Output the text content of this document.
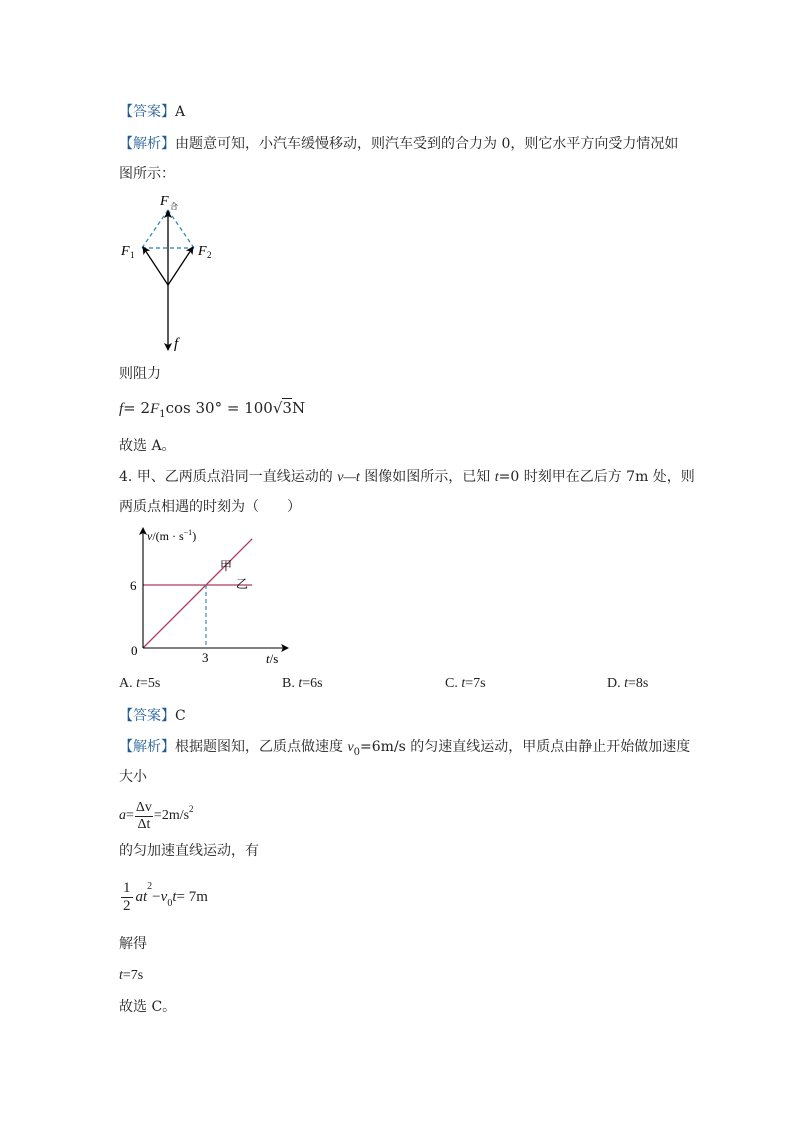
【答案】A
【解析】由题意可知，小汽车缓慢移动，则汽车受到的合力为 0，则它水平方向受力情况如
图所示：
F 合
F 1	F 2
f
则阻力
$f= 2F_1\cos$ 30° = 100√3N
故选 A。
4. 甲、乙两质点沿同一直线运动的 v—t 图像如图所示，已知 t=0 时刻甲在乙后方 7m 处，则
两质点相遇的时刻为（　　）
6
3
$v/(m \cdot s^{-1})$
t/s
0
甲
乙
A. t=5s	B. t=6s	C. t=7s	D. t=8s
【答案】C
【解析】根据题图知，乙质点做速度 $v_0=6m/s$ 的匀速直线运动，甲质点由静止开始做加速度
大小
$a = \frac{\Delta v}{\Delta t} =2m/s^2$
的匀加速直线运动，有
$\frac{1}{2}$ at
$^2$
− $v_0$ t = 7m
解得
t=7s
故选 C。
